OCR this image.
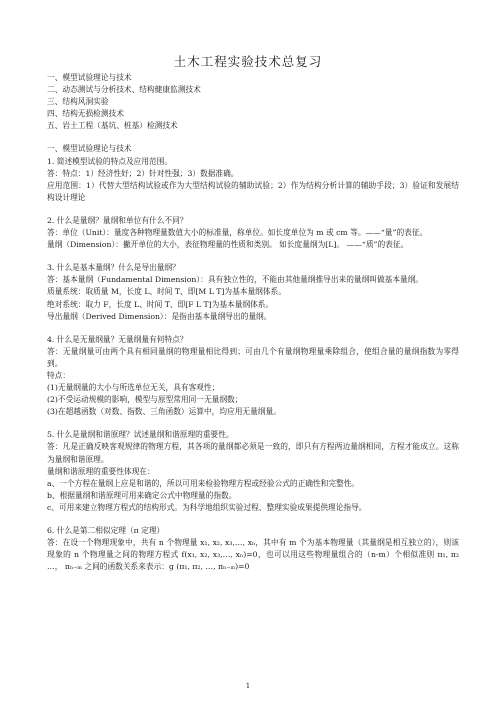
土木工程实验技术总复习
一、模型试验理论与技术
二、动态测试与分析技术、结构健康监测技术
三、结构风洞实验
四、结构无损检测技术
五、岩土工程（基坑、桩基）检测技术
一、模型试验理论与技术
1. 简述模型试验的特点及应用范围。
答：特点：1）经济性好；2）针对性强；3）数据准确。
应用范围：1）代替大型结构试验或作为大型结构试验的辅助试验；2）作为结构分析计算的辅助手段；3）验证和发展结构设计理论
2. 什么是量纲？量纲和单位有什么不同？
答：单位（Unit）：量度各种物理量数值大小的标准量，称单位。如长度单位为 m 或 cm 等。——“量”的表征。
量纲（Dimension）：撇开单位的大小，表征物理量的性质和类别。 如长度量纲为[L]。 ——“质”的表征。
3. 什么是基本量纲？什么是导出量纲？
答：基本量纲（Fundamental Dimension）：具有独立性的，不能由其他量纲推导出来的量纲叫做基本量纲。
质量系统：取质量 M，长度 L、时间 T、即[M L T]为基本量纲体系。
绝对系统：取力 F，长度 L、时间 T、即[F L T]为基本量纲体系。
导出量纲（Derived Dimension）：是指由基本量纲导出的量纲。
4. 什么是无量纲量？无量纲量有何特点？
答：无量纲量可由两个具有相同量纲的物理量相比得到；可由几个有量纲物理量乘除组合，使组合量的量纲指数为零得到。
特点：
(1)无量纲量的大小与所选单位无关，具有客观性；
(2)不受运动规模的影响，模型与原型常用同一无量纲数；
(3)在超越函数（对数、指数、三角函数）运算中，均应用无量纲量。
5. 什么是量纲和谐原理？试述量纲和谐原理的重要性。
答：凡是正确反映客观规律的物理方程，其各项的量纲都必须是一致的，即只有方程两边量纲相同，方程才能成立。这称为量纲和谐原理。
量纲和谐原理的重要性体现在：
a、一个方程在量纲上应是和谐的，所以可用来检验物理方程或经验公式的正确性和完整性。
b、根据量纲和谐原理可用来确定公式中物理量的指数。
c、可用来建立物理方程式的结构形式。为科学地组织实验过程、整理实验成果提供理论指导。
6. 什么是第二相似定理（π 定理）
答：在设一个物理现象中，共有 n 个物理量 x₁, x₂, x₃,…, xₙ，其中有 m 个为基本物理量（其量纲是相互独立的），则该现象的 n 个物理量之间的物理方程式 f(x₁, x₂, x₃,…, xₙ)=0，也可以用这些物理量组合的（n-m）个相似准则 π₁, π₂ …， πₙ₋ₘ 之间的函数关系来表示：g (π₁, π₂, …, πₙ₋ₘ)=0
1
